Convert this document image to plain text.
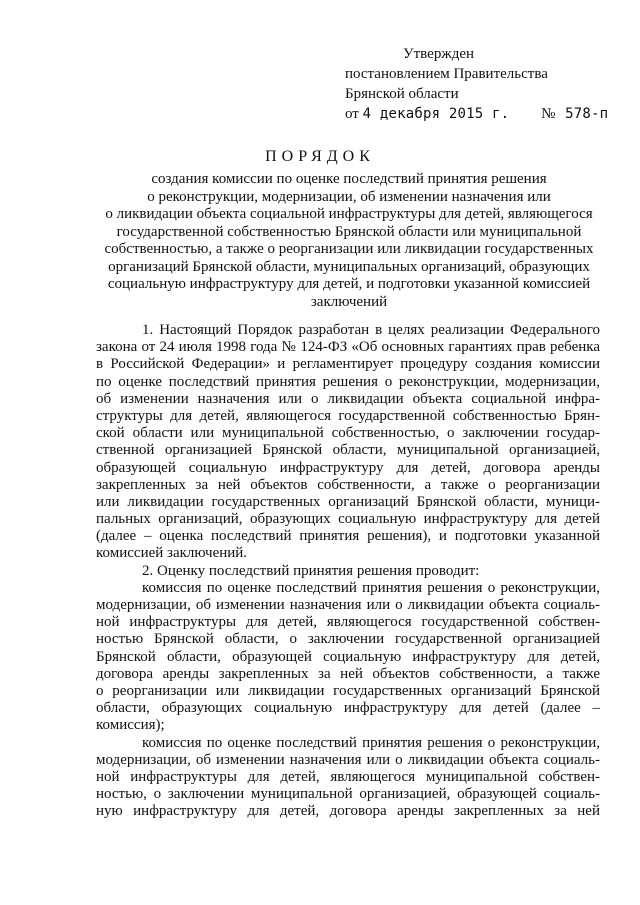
Утвержден
постановлением Правительства
Брянской области
от 4 декабря 2015 г. № 578-п
ПОРЯДОК
создания комиссии по оценке последствий принятия решения
о реконструкции, модернизации, об изменении назначения или
о ликвидации объекта социальной инфраструктуры для детей, являющегося
государственной собственностью Брянской области или муниципальной
собственностью, а также о реорганизации или ликвидации государственных
организаций Брянской области, муниципальных организаций, образующих
социальную инфраструктуру для детей, и подготовки указанной комиссией
заключений
1. Настоящий Порядок разработан в целях реализации Федерального
закона от 24 июля 1998 года № 124-ФЗ «Об основных гарантиях прав ребенка
в Российской Федерации» и регламентирует процедуру создания комиссии
по оценке последствий принятия решения о реконструкции, модернизации,
об изменении назначения или о ликвидации объекта социальной инфра-
структуры для детей, являющегося государственной собственностью Брян-
ской области или муниципальной собственностью, о заключении государ-
ственной организацией Брянской области, муниципальной организацией,
образующей социальную инфраструктуру для детей, договора аренды
закрепленных за ней объектов собственности, а также о реорганизации
или ликвидации государственных организаций Брянской области, муници-
пальных организаций, образующих социальную инфраструктуру для детей
(далее – оценка последствий принятия решения), и подготовки указанной
комиссией заключений.
2. Оценку последствий принятия решения проводит:
комиссия по оценке последствий принятия решения о реконструкции,
модернизации, об изменении назначения или о ликвидации объекта социаль-
ной инфраструктуры для детей, являющегося государственной собствен-
ностью Брянской области, о заключении государственной организацией
Брянской области, образующей социальную инфраструктуру для детей,
договора аренды закрепленных за ней объектов собственности, а также
о реорганизации или ликвидации государственных организаций Брянской
области, образующих социальную инфраструктуру для детей (далее –
комиссия);
комиссия по оценке последствий принятия решения о реконструкции,
модернизации, об изменении назначения или о ликвидации объекта социаль-
ной инфраструктуры для детей, являющегося муниципальной собствен-
ностью, о заключении муниципальной организацией, образующей социаль-
ную инфраструктуру для детей, договора аренды закрепленных за ней
